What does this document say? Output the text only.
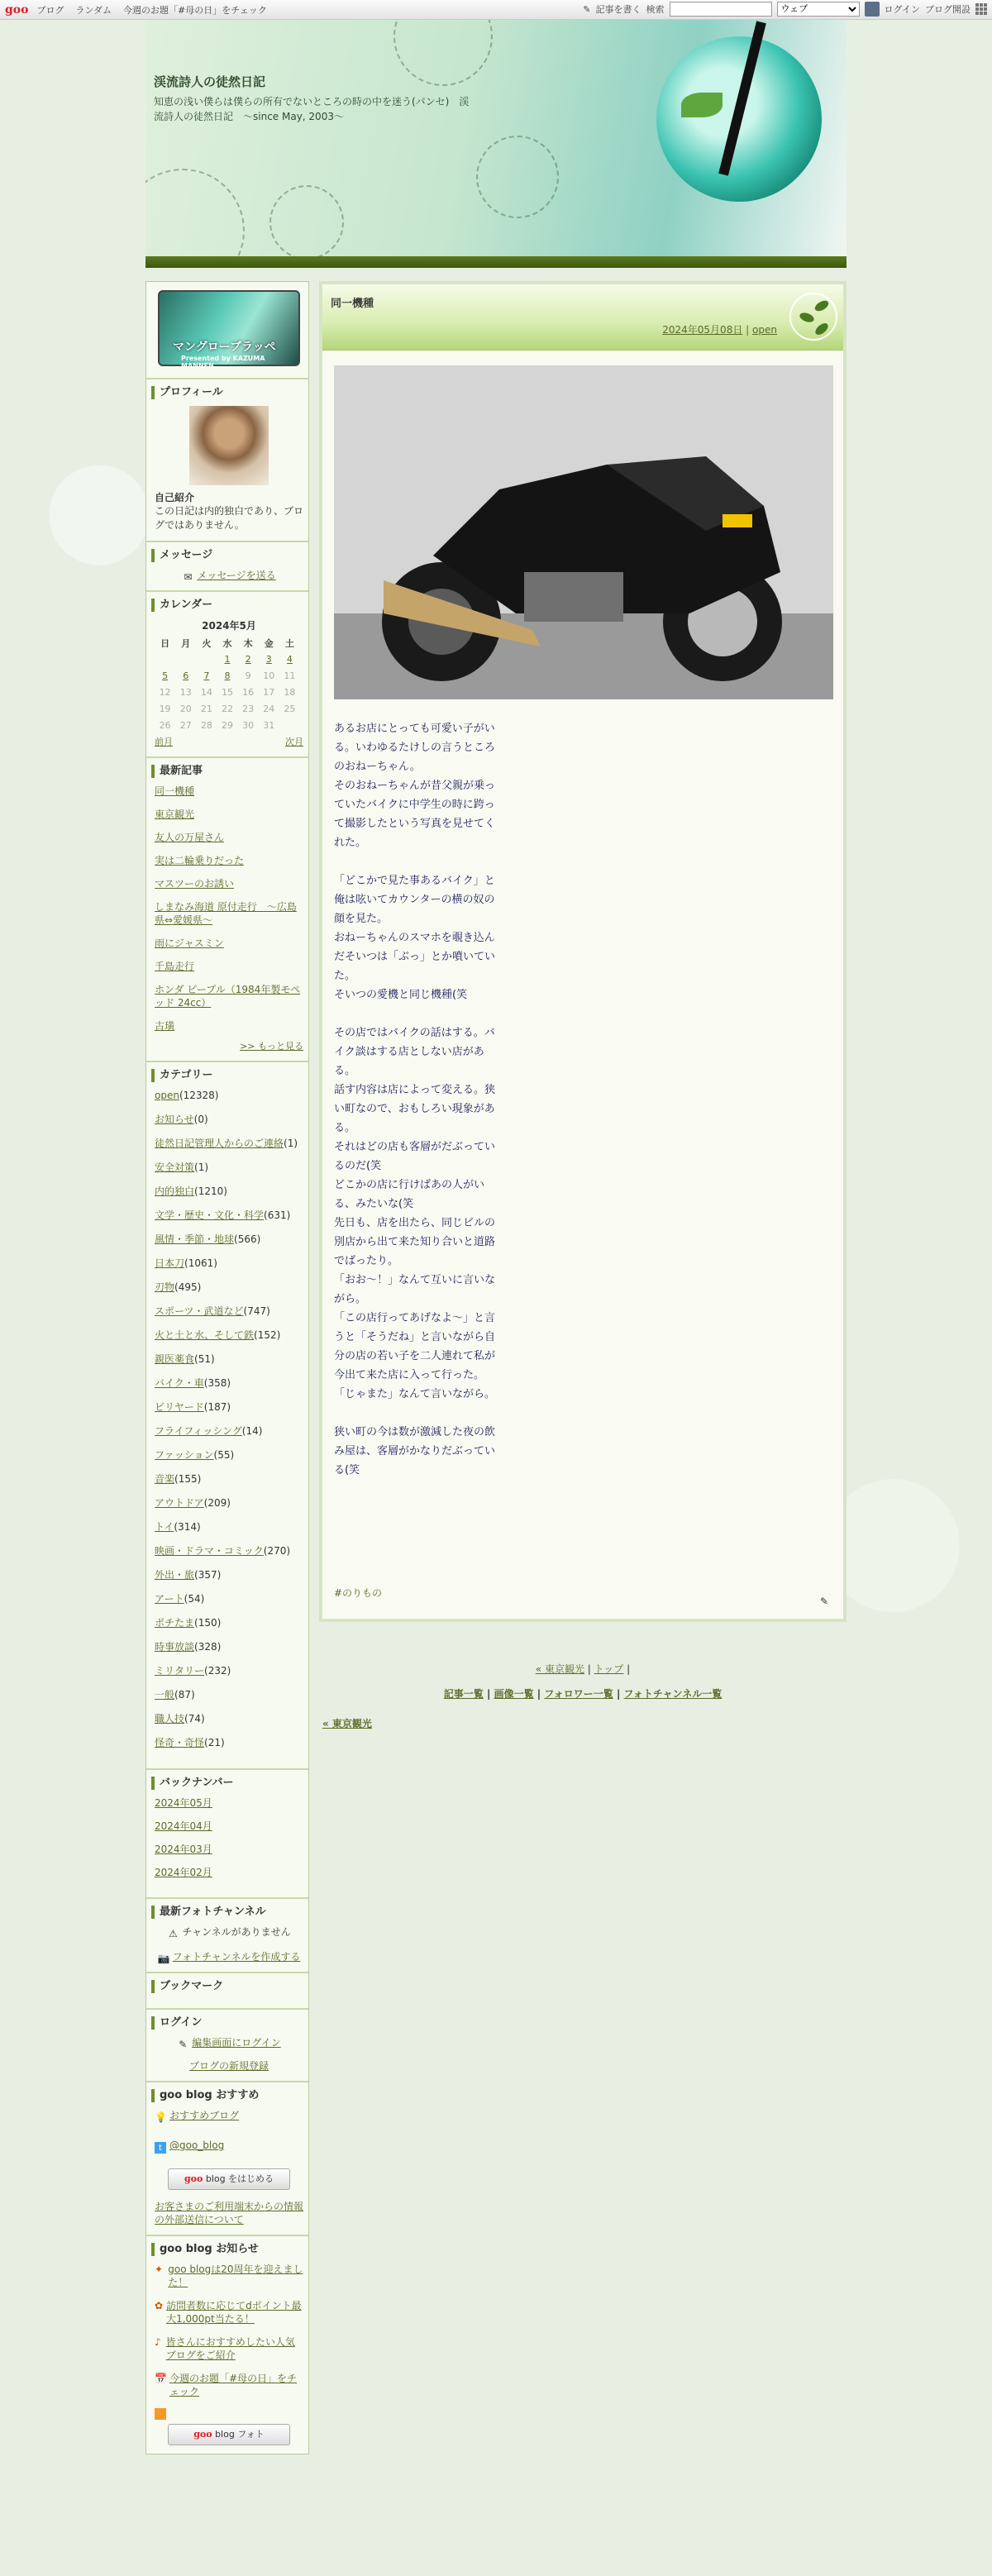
goo ブログ ランダム 今週のお題「#母の日」をチェック	✎ 記事を書く 検索
ウェブ	ログイン ブログ開設
渓流詩人の徒然日記
知恵の浅い僕らは僕らの所有でないところの時の中を迷う(パンセ)　渓流詩人の徒然日記　～since May, 2003～
マングローブラッペ
Presented by KAZUMA MANNEN
プロフィール
自己紹介
この日記は内的独白であり、ブログではありません。
メッセージ
✉ メッセージを送る
カレンダー
2024年5月
日	月	火	水	木	金	土
			1	2	3	4
5	6	7	8	9	10	11
12	13	14	15	16	17	18
19	20	21	22	23	24	25
26	27	28	29	30	31	
前月	次月
最新記事
同一機種
東京観光
友人の万屋さん
実は二輪乗りだった
マスツーのお誘い
しまなみ海道 原付走行　～広島県⇔愛媛県～
雨にジャスミン
千島走行
ホンダ ピープル（1984年製モペッド 24cc）
古璜
>> もっと見る
カテゴリー
open(12328)
お知らせ(0)
徒然日記管理人からのご連絡(1)
安全対策(1)
内的独白(1210)
文学・歴史・文化・科学(631)
風情・季節・地球(566)
日本刀(1061)
刃物(495)
スポーツ・武道など(747)
火と土と水、そして鉄(152)
親医薬食(51)
バイク・車(358)
ビリヤード(187)
フライフィッシング(14)
ファッション(55)
音楽(155)
アウトドア(209)
トイ(314)
映画・ドラマ・コミック(270)
外出・旅(357)
アート(54)
ポチたま(150)
時事放談(328)
ミリタリー(232)
一般(87)
職人技(74)
怪奇・奇怪(21)
バックナンバー
2024年05月
2024年04月
2024年03月
2024年02月
最新フォトチャンネル
⚠ チャンネルがありません
📷 フォトチャンネルを作成する
ブックマーク
ログイン
✎ 編集画面にログイン
ブログの新規登録
goo blog おすすめ
💡 おすすめブログ
t @goo_blog
goo blog をはじめる
お客さまのご利用端末からの情報の外部送信について
goo blog お知らせ
✦ goo blogは20周年を迎えました！
✿ 訪問者数に応じてdポイント最大1,000pt当たる！
♪ 皆さんにおすすめしたい人気ブログをご紹介
📅 今週のお題「#母の日」をチェック
goo blog フォト
同一機種
2024年05月08日 | open
あるお店にとっても可愛い子がいる。いわゆるたけしの言うところのおねーちゃん。
そのおねーちゃんが昔父親が乗っていたバイクに中学生の時に跨って撮影したという写真を見せてくれた。

「どこかで見た事あるバイク」と俺は呟いてカウンターの横の奴の顔を見た。
おねーちゃんのスマホを覗き込んだそいつは「ぶっ」とか噴いていた。
そいつの愛機と同じ機種(笑

その店ではバイクの話はする。バイク談はする店としない店がある。
話す内容は店によって変える。狭い町なので、おもしろい現象がある。
それはどの店も客層がだぶっているのだ(笑
どこかの店に行けばあの人がいる、みたいな(笑
先日も、店を出たら、同じビルの別店から出て来た知り合いと道路でばったり。
「おお～！」なんて互いに言いながら。
「この店行ってあげなよ～」と言うと「そうだね」と言いながら自分の店の若い子を二人連れて私が今出て来た店に入って行った。「じゃまた」なんて言いながら。

狭い町の今は数が激減した夜の飲み屋は、客層がかなりだぶっている(笑
#のりもの
✎
« 東京観光 | トップ |
記事一覧 | 画像一覧 | フォロワー一覧 | フォトチャンネル一覧
« 東京観光
